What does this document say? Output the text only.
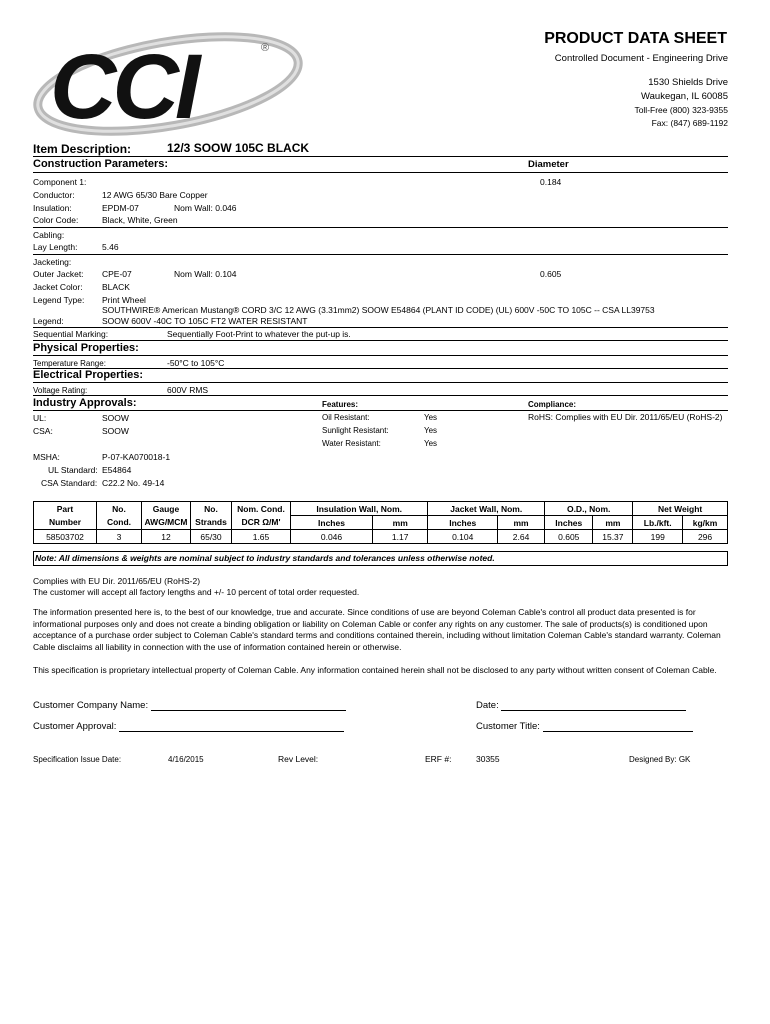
CCI	®
PRODUCT DATA SHEET
Controlled Document - Engineering Drive
1530 Shields Drive
Waukegan, IL 60085
Toll-Free (800) 323-9355
Fax: (847) 689-1192
Item Description:	12/3 SOOW 105C BLACK
Construction Parameters:	Diameter
Component 1:	0.184
Conductor:	12 AWG 65/30 Bare Copper
Insulation:	EPDM-07	Nom Wall: 0.046
Color Code:	Black, White, Green
Cabling:
Lay Length:	5.46
Jacketing:
Outer Jacket: CPE-07	Nom Wall: 0.104	0.605
Jacket Color: BLACK
Legend Type: Print Wheel
SOUTHWIRE® American Mustang® CORD 3/C 12 AWG (3.31mm2) SOOW E54864 (PLANT ID CODE) (UL) 600V -50C TO 105C -- CSA LL39753
Legend:	SOOW 600V -40C TO 105C FT2 WATER RESISTANT
Sequential Marking:	Sequentially Foot-Print to whatever the put-up is.
Physical Properties:
Temperature Range:	-50°C to 105°C
Electrical Properties:
Voltage Rating:	600V RMS
Industry Approvals:	Features:	Compliance:
UL:	SOOW	Oil Resistant:	Yes	RoHS: Complies with EU Dir. 2011/65/EU (RoHS-2)
CSA:	SOOW	Sunlight Resistant:	Yes
Water Resistant:	Yes
MSHA:	P-07-KA070018-1
UL Standard: E54864
CSA Standard: C22.2 No. 49-14
Part	No.	Gauge	No.	Nom. Cond.	Insulation Wall, Nom.		Jacket Wall, Nom.		O.D., Nom.		Net Weight	
Number	Cond.	AWG/MCM	Strands	DCR Ω/M'	Inches	mm	Inches	mm	Inches	mm	Lb./kft.	kg/km
58503702	3	12	65/30	1.65	0.046	1.17	0.104	2.64	0.605	15.37	199	296
Note: All dimensions & weights are nominal subject to industry standards and tolerances unless otherwise noted.
Complies with EU Dir. 2011/65/EU (RoHS-2)
The customer will accept all factory lengths and +/- 10 percent of total order requested.
The information presented here is, to the best of our knowledge, true and accurate. Since conditions of use are beyond Coleman Cable's control all product data presented is for informational purposes only and does not create a binding obligation or liability on Coleman Cable or confer any rights on any customer. The sale of products(s) is conditioned upon acceptance of a purchase order subject to Coleman Cable's standard terms and conditions contained therein, including without limitation Coleman Cable's standard warranty. Coleman Cable disclaims all liability in connection with the use of information contained herein or otherwise.
This specification is proprietary intellectual property of Coleman Cable. Any information contained herein shall not be disclosed to any party without written consent of Coleman Cable.
Customer Company Name:	Date:
Customer Approval:	Customer Title:
Specification Issue Date:	4/16/2015	Rev Level:	ERF #:	30355	Designed By: GK
